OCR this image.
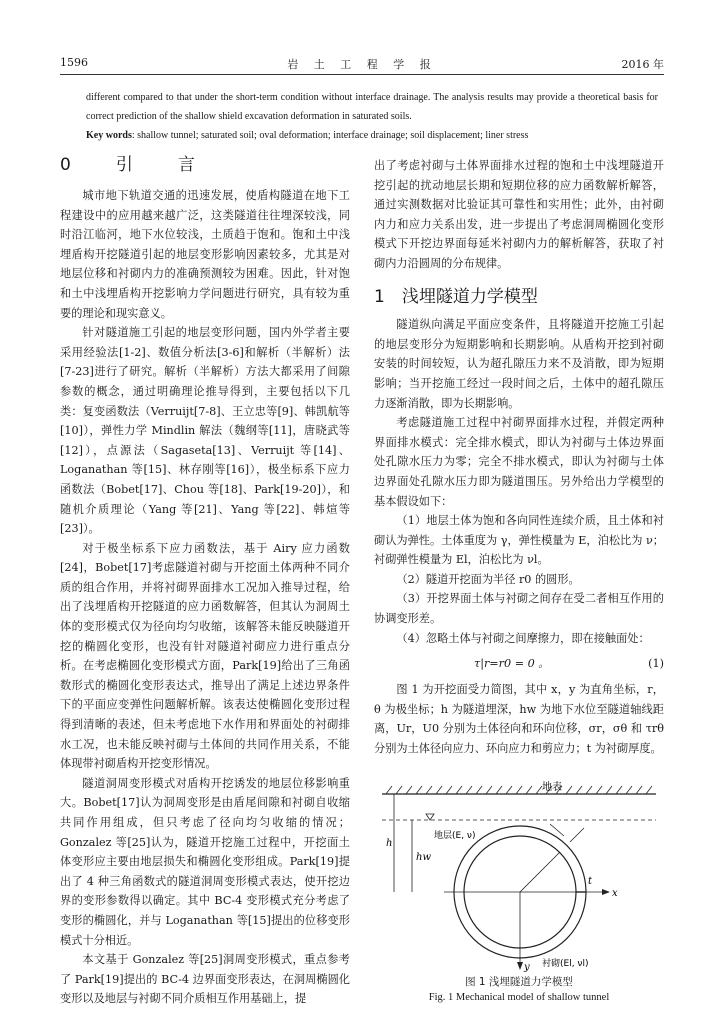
1596	岩 土 工 程 学 报	2016 年

different compared to that under the short-term condition without interface drainage. The analysis results may provide a theoretical basis for correct prediction of the shallow shield excavation deformation in saturated soils.

Key words: shallow tunnel; saturated soil; oval deformation; interface drainage; soil displacement; liner stress

0　引　言

城市地下轨道交通的迅速发展，使盾构隧道在地下工程建设中的应用越来越广泛，这类隧道往往埋深较浅，同时沿江临河，地下水位较浅，土质趋于饱和。饱和土中浅埋盾构开挖隧道引起的地层变形影响因素较多，尤其是对地层位移和衬砌内力的准确预测较为困难。因此，针对饱和土中浅埋盾构开挖影响力学问题进行研究，具有较为重要的理论和现实意义。

针对隧道施工引起的地层变形问题，国内外学者主要采用经验法[1-2]、数值分析法[3-6]和解析（半解析）法[7-23]进行了研究。解析（半解析）方法大都采用了间隙参数的概念，通过明确理论推导得到，主要包括以下几类：复变函数法（Verruijt[7-8]、王立忠等[9]、韩凯航等[10]），弹性力学 Mindlin 解法（魏纲等[11]，唐晓武等[12]），点源法（Sagaseta[13]、Verruijt 等[14]、Loganathan 等[15]、林存刚等[16]），极坐标系下应力函数法（Bobet[17]、Chou 等[18]、Park[19-20]），和随机介质理论（Yang 等[21]、Yang 等[22]、韩煊等[23]）。

对于极坐标系下应力函数法，基于 Airy 应力函数[24]，Bobet[17]考虑隧道衬砌与开挖面土体两种不同介质的组合作用，并将衬砌界面排水工况加入推导过程，给出了浅埋盾构开挖隧道的应力函数解答，但其认为洞周土体的变形模式仅为径向均匀收缩，该解答未能反映隧道开挖的椭圆化变形，也没有针对隧道衬砌应力进行重点分析。在考虑椭圆化变形模式方面，Park[19]给出了三角函数形式的椭圆化变形表达式，推导出了满足上述边界条件下的平面应变弹性问题解析解。该表达使椭圆化变形过程得到清晰的表述，但未考虑地下水作用和界面处的衬砌排水工况，也未能反映衬砌与土体间的共同作用关系，不能体现带衬砌盾构开挖变形情况。

隧道洞周变形模式对盾构开挖诱发的地层位移影响重大。Bobet[17]认为洞周变形是由盾尾间隙和衬砌自收缩共同作用组成，但只考虑了径向均匀收缩的情况；Gonzalez 等[25]认为，隧道开挖施工过程中，开挖面土体变形应主要由地层损失和椭圆化变形组成。Park[19]提出了 4 种三角函数式的隧道洞周变形模式表达，使开挖边界的变形参数得以确定。其中 BC-4 变形模式充分考虑了变形的椭圆化，并与 Loganathan 等[15]提出的位移变形模式十分相近。

本文基于 Gonzalez 等[25]洞周变形模式，重点参考了 Park[19]提出的 BC-4 边界面变形表达，在洞周椭圆化变形以及地层与衬砌不同介质相互作用基础上，提

出了考虑衬砌与土体界面排水过程的饱和土中浅埋隧道开挖引起的扰动地层长期和短期位移的应力函数解析解答，通过实测数据对比验证其可靠性和实用性；此外，由衬砌内力和应力关系出发，进一步提出了考虑洞周椭圆化变形模式下开挖边界面每延米衬砌内力的解析解答，获取了衬砌内力沿圆周的分布规律。

1　浅埋隧道力学模型

隧道纵向满足平面应变条件，且将隧道开挖施工引起的地层变形分为短期影响和长期影响。从盾构开挖到衬砌安装的时间较短，认为超孔隙压力来不及消散，即为短期影响；当开挖施工经过一段时间之后，土体中的超孔隙压力逐渐消散，即为长期影响。

考虑隧道施工过程中衬砌界面排水过程，并假定两种界面排水模式：完全排水模式，即认为衬砌与土体边界面处孔隙水压力为零；完全不排水模式，即认为衬砌与土体边界面处孔隙水压力即为隧道围压。另外给出力学模型的基本假设如下：

（1）地层土体为饱和各向同性连续介质，且土体和衬砌认为弹性。土体重度为 γ，弹性模量为 E，泊松比为 ν；衬砌弹性模量为 El，泊松比为 νl。

（2）隧道开挖面为半径 r0 的圆形。

（3）开挖界面土体与衬砌之间存在受二者相互作用的协调变形差。

（4）忽略土体与衬砌之间摩擦力，即在接触面处：

τ|r=r0 = 0 。	(1)

图 1 为开挖面受力简图，其中 x，y 为直角坐标，r，θ 为极坐标；h 为隧道埋深，hw 为地下水位至隧道轴线距离，Ur，U0 分别为土体径向和环向位移，σr，σθ 和 τrθ 分别为土体径向应力、环向应力和剪应力；t 为衬砌厚度。

地表
h
hw
x
y
t
地层(E, ν)
衬砌(El, νl)
图 1 浅埋隧道力学模型
Fig. 1 Mechanical model of shallow tunnel
